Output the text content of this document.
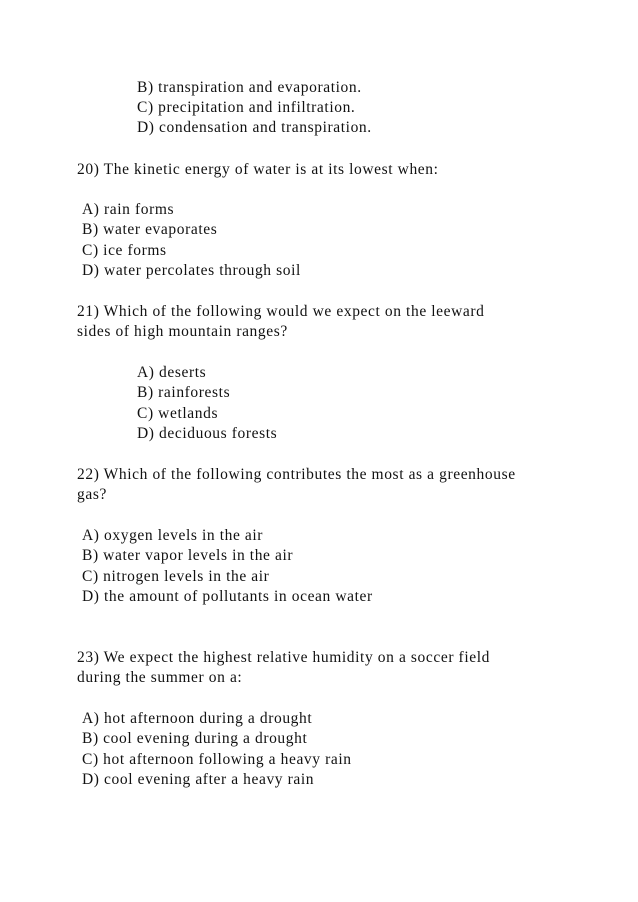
B) transpiration and evaporation.
C) precipitation and infiltration.
D) condensation and transpiration.
20) The kinetic energy of water is at its lowest when:
A) rain forms
B) water evaporates
C) ice forms
D) water percolates through soil
21) Which of the following would we expect on the leeward
sides of high mountain ranges?
A) deserts
B) rainforests
C) wetlands
D) deciduous forests
22) Which of the following contributes the most as a greenhouse
gas?
A) oxygen levels in the air
B) water vapor levels in the air
C) nitrogen levels in the air
D) the amount of pollutants in ocean water
23) We expect the highest relative humidity on a soccer field
during the summer on a:
A) hot afternoon during a drought
B) cool evening during a drought
C) hot afternoon following a heavy rain
D) cool evening after a heavy rain
